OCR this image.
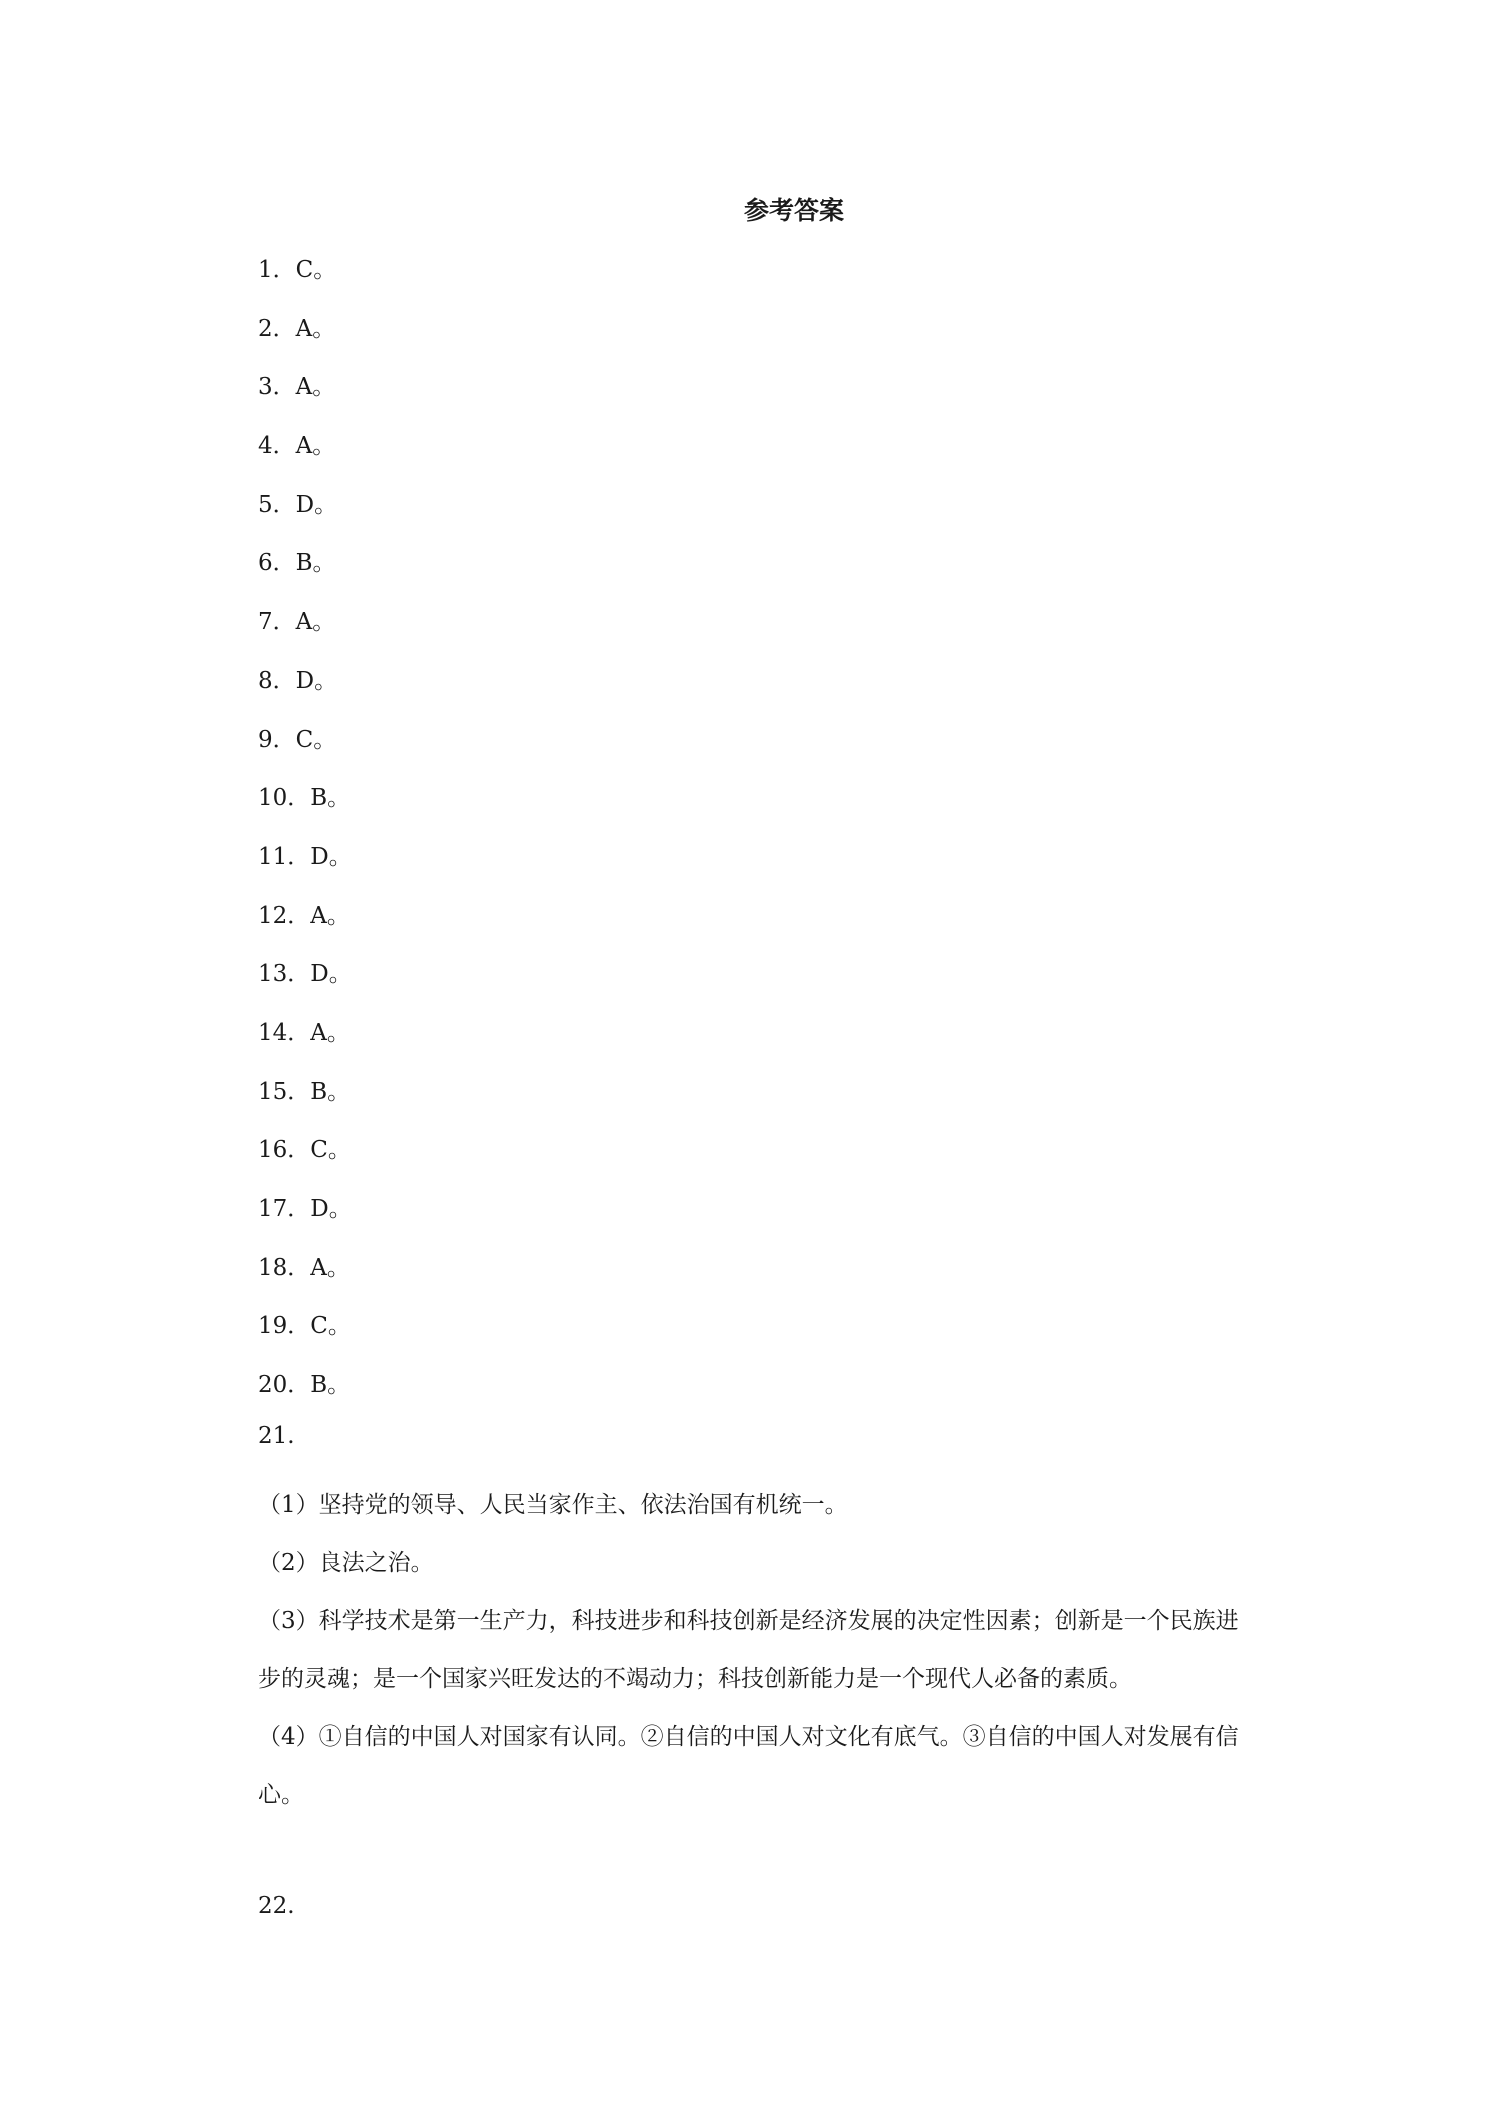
参考答案
1．C。
2．A。
3．A。
4．A。
5．D。
6．B。
7．A。
8．D。
9．C。
10．B。
11．D。
12．A。
13．D。
14．A。
15．B。
16．C。
17．D。
18．A。
19．C。
20．B。
21.

（1）坚持党的领导、人民当家作主、依法治国有机统一。

（2）良法之治。

（3）科学技术是第一生产力，科技进步和科技创新是经济发展的决定性因素；创新是一个民族进步的灵魂；是一个国家兴旺发达的不竭动力；科技创新能力是一个现代人必备的素质。

（4）①自信的中国人对国家有认同。②自信的中国人对文化有底气。③自信的中国人对发展有信心。

22.
